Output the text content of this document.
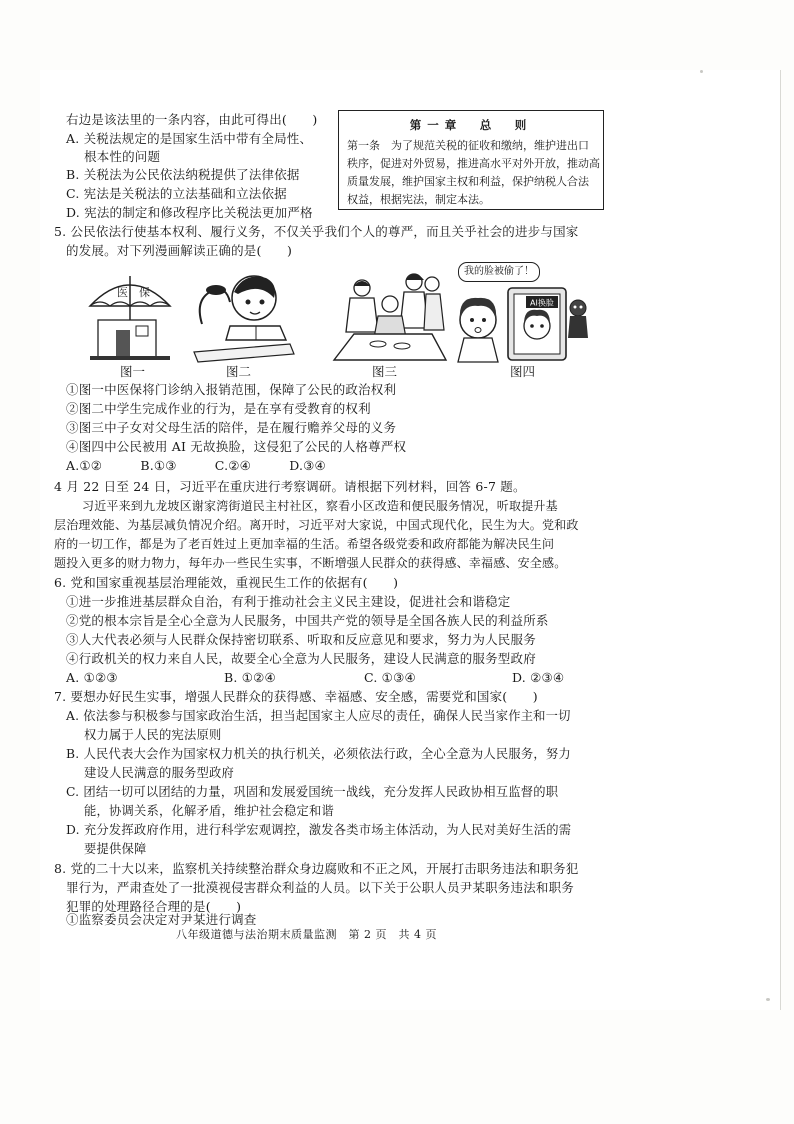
右边是该法里的一条内容，由此可得出(　　)
A. 关税法规定的是国家生活中带有全局性、
根本性的问题
B. 关税法为公民依法纳税提供了法律依据
C. 宪法是关税法的立法基础和立法依据
D. 宪法的制定和修改程序比关税法更加严格
第一章　总　则
第一条　为了规范关税的征收和缴纳，维护进出口
秩序，促进对外贸易，推进高水平对外开放，推动高
质量发展，维护国家主权和利益，保护纳税人合法
权益，根据宪法，制定本法。
5. 公民依法行使基本权利、履行义务，不仅关乎我们个人的尊严，而且关乎社会的进步与国家
的发展。对下列漫画解读正确的是(　　)
医　保
AI换脸
我的脸被偷了！
图一	图二	图三	图四
①图一中医保将门诊纳入报销范围，保障了公民的政治权利
②图二中学生完成作业的行为，是在享有受教育的权利
③图三中子女对父母生活的陪伴，是在履行赡养父母的义务
④图四中公民被用 AI 无故换脸，这侵犯了公民的人格尊严权
A.①②　　　B.①③　　　C.②④　　　D.③④
4 月 22 日至 24 日，习近平在重庆进行考察调研。请根据下列材料，回答 6-7 题。
习近平来到九龙坡区谢家湾街道民主村社区，察看小区改造和便民服务情况，听取提升基
层治理效能、为基层减负情况介绍。离开时，习近平对大家说，中国式现代化，民生为大。党和政
府的一切工作，都是为了老百姓过上更加幸福的生活。希望各级党委和政府都能为解决民生问
题投入更多的财力物力，每年办一些民生实事，不断增强人民群众的获得感、幸福感、安全感。
6. 党和国家重视基层治理能效，重视民生工作的依据有(　　)
①进一步推进基层群众自治，有利于推动社会主义民主建设，促进社会和谐稳定
②党的根本宗旨是全心全意为人民服务，中国共产党的领导是全国各族人民的利益所系
③人大代表必须与人民群众保持密切联系、听取和反应意见和要求，努力为人民服务
④行政机关的权力来自人民，故要全心全意为人民服务，建设人民满意的服务型政府
A. ①②③	B. ①②④	C. ①③④	D. ②③④
7. 要想办好民生实事，增强人民群众的获得感、幸福感、安全感，需要党和国家(　　)
A. 依法参与积极参与国家政治生活，担当起国家主人应尽的责任，确保人民当家作主和一切
权力属于人民的宪法原则
B. 人民代表大会作为国家权力机关的执行机关，必须依法行政，全心全意为人民服务，努力
建设人民满意的服务型政府
C. 团结一切可以团结的力量，巩固和发展爱国统一战线，充分发挥人民政协相互监督的职
能，协调关系，化解矛盾，维护社会稳定和谐
D. 充分发挥政府作用，进行科学宏观调控，激发各类市场主体活动，为人民对美好生活的需
要提供保障
8. 党的二十大以来，监察机关持续整治群众身边腐败和不正之风，开展打击职务违法和职务犯
罪行为，严肃查处了一批漠视侵害群众利益的人员。以下关于公职人员尹某职务违法和职务
犯罪的处理路径合理的是(　　)
①监察委员会决定对尹某进行调查
八年级道德与法治期末质量监测　第 2 页　共 4 页
